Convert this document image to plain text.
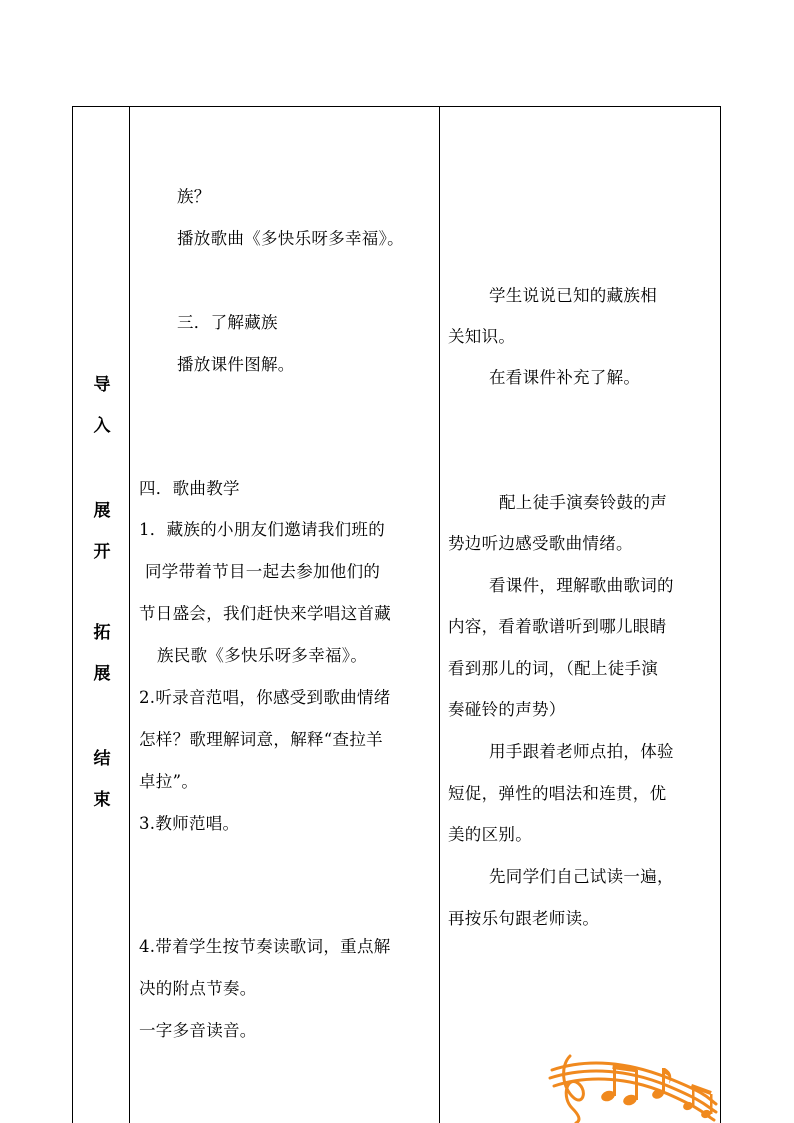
导
入
展
开
拓
展
结
束
族？
播放歌曲《多快乐呀多幸福》。
三．了解藏族
播放课件图解。
四．歌曲教学
1．藏族的小朋友们邀请我们班的
同学带着节目一起去参加他们的
节日盛会，我们赶快来学唱这首藏
族民歌《多快乐呀多幸福》。
2.听录音范唱，你感受到歌曲情绪
怎样？歌理解词意，解释“查拉羊
卓拉”。
3.教师范唱。
4.带着学生按节奏读歌词，重点解
决的附点节奏。
一字多音读音。
学生说说已知的藏族相
关知识。
在看课件补充了解。
配上徒手演奏铃鼓的声
势边听边感受歌曲情绪。
看课件，理解歌曲歌词的
内容，看着歌谱听到哪儿眼睛
看到那儿的词，（配上徒手演
奏碰铃的声势）
用手跟着老师点拍，体验
短促，弹性的唱法和连贯，优
美的区别。
先同学们自己试读一遍，
再按乐句跟老师读。
